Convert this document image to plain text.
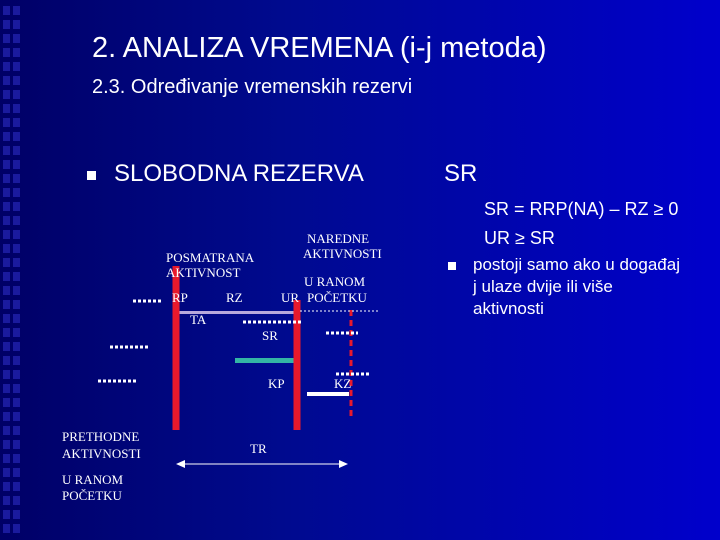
2. ANALIZA VREMENA (i-j metoda)
2.3. Određivanje vremenskih rezervi
SLOBODNA REZERVA	SR
SR = RRP(NA) – RZ ≥ 0
UR ≥ SR
postoji samo ako u događaj j ulaze dvije ili više aktivnosti
POSMATRANA
AKTIVNOST
NAREDNE
AKTIVNOSTI
U RANOM
POČETKU
RP	RZ	UR
TA
SR
KP	KZ
TR
PRETHODNE
AKTIVNOSTI
U RANOM
POČETKU
